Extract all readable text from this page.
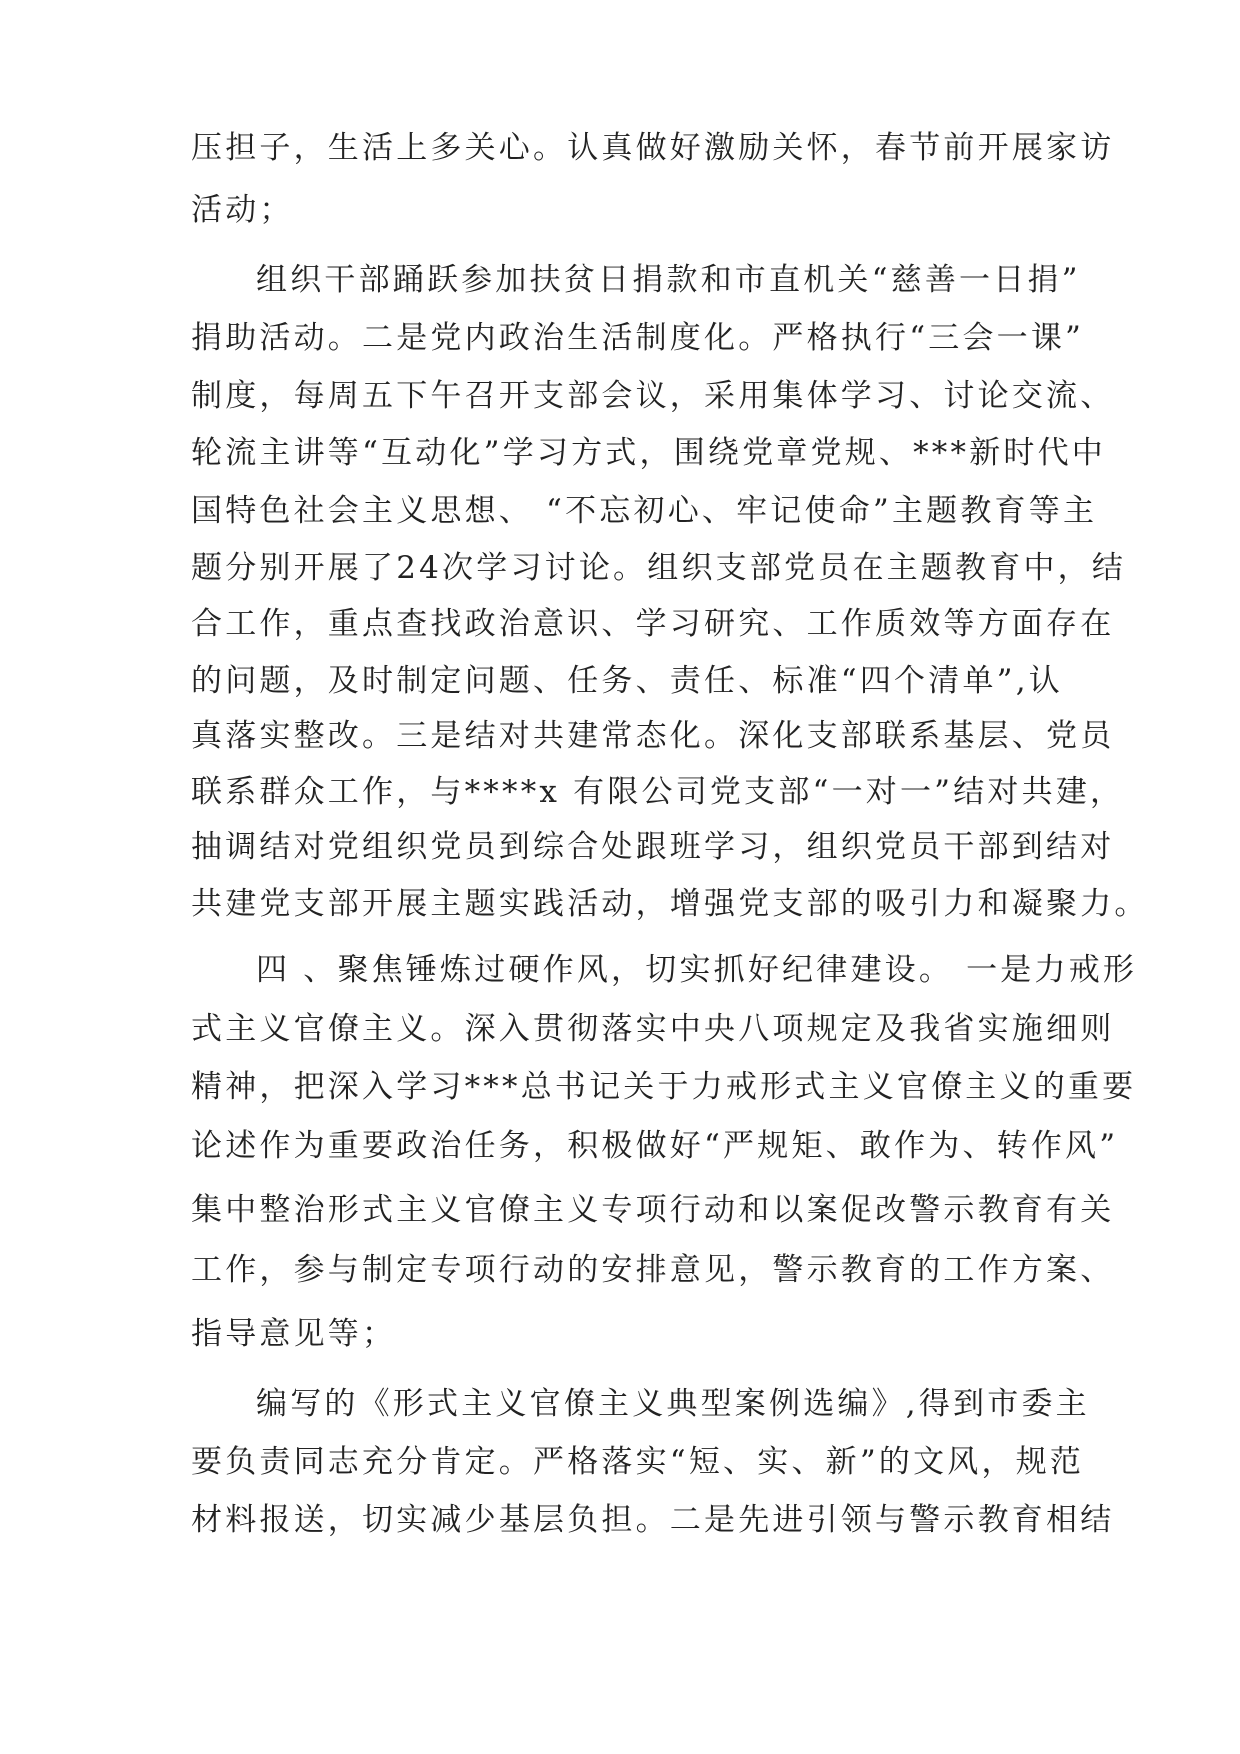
压担子，生活上多关心。认真做好激励关怀，春节前开展家访

活动；

组织干部踊跃参加扶贫日捐款和市直机关“慈善一日捐”

捐助活动。二是党内政治生活制度化。严格执行“三会一课”

制度，每周五下午召开支部会议，采用集体学习、讨论交流、

轮流主讲等“互动化”学习方式，围绕党章党规、***新时代中

国特色社会主义思想、 “不忘初心、牢记使命”主题教育等主

题分别开展了24次学习讨论。组织支部党员在主题教育中，结

合工作，重点查找政治意识、学习研究、工作质效等方面存在

的问题，及时制定问题、任务、责任、标准“四个清单”,认

真落实整改。三是结对共建常态化。深化支部联系基层、党员

联系群众工作，与****x 有限公司党支部“一对一”结对共建，

抽调结对党组织党员到综合处跟班学习，组织党员干部到结对

共建党支部开展主题实践活动，增强党支部的吸引力和凝聚力。

四 、聚焦锤炼过硬作风，切实抓好纪律建设。 一是力戒形

式主义官僚主义。深入贯彻落实中央八项规定及我省实施细则

精神，把深入学习***总书记关于力戒形式主义官僚主义的重要

论述作为重要政治任务，积极做好“严规矩、敢作为、转作风”

集中整治形式主义官僚主义专项行动和以案促改警示教育有关

工作，参与制定专项行动的安排意见，警示教育的工作方案、

指导意见等；

编写的《形式主义官僚主义典型案例选编》,得到市委主

要负责同志充分肯定。严格落实“短、实、新”的文风，规范

材料报送，切实减少基层负担。二是先进引领与警示教育相结
